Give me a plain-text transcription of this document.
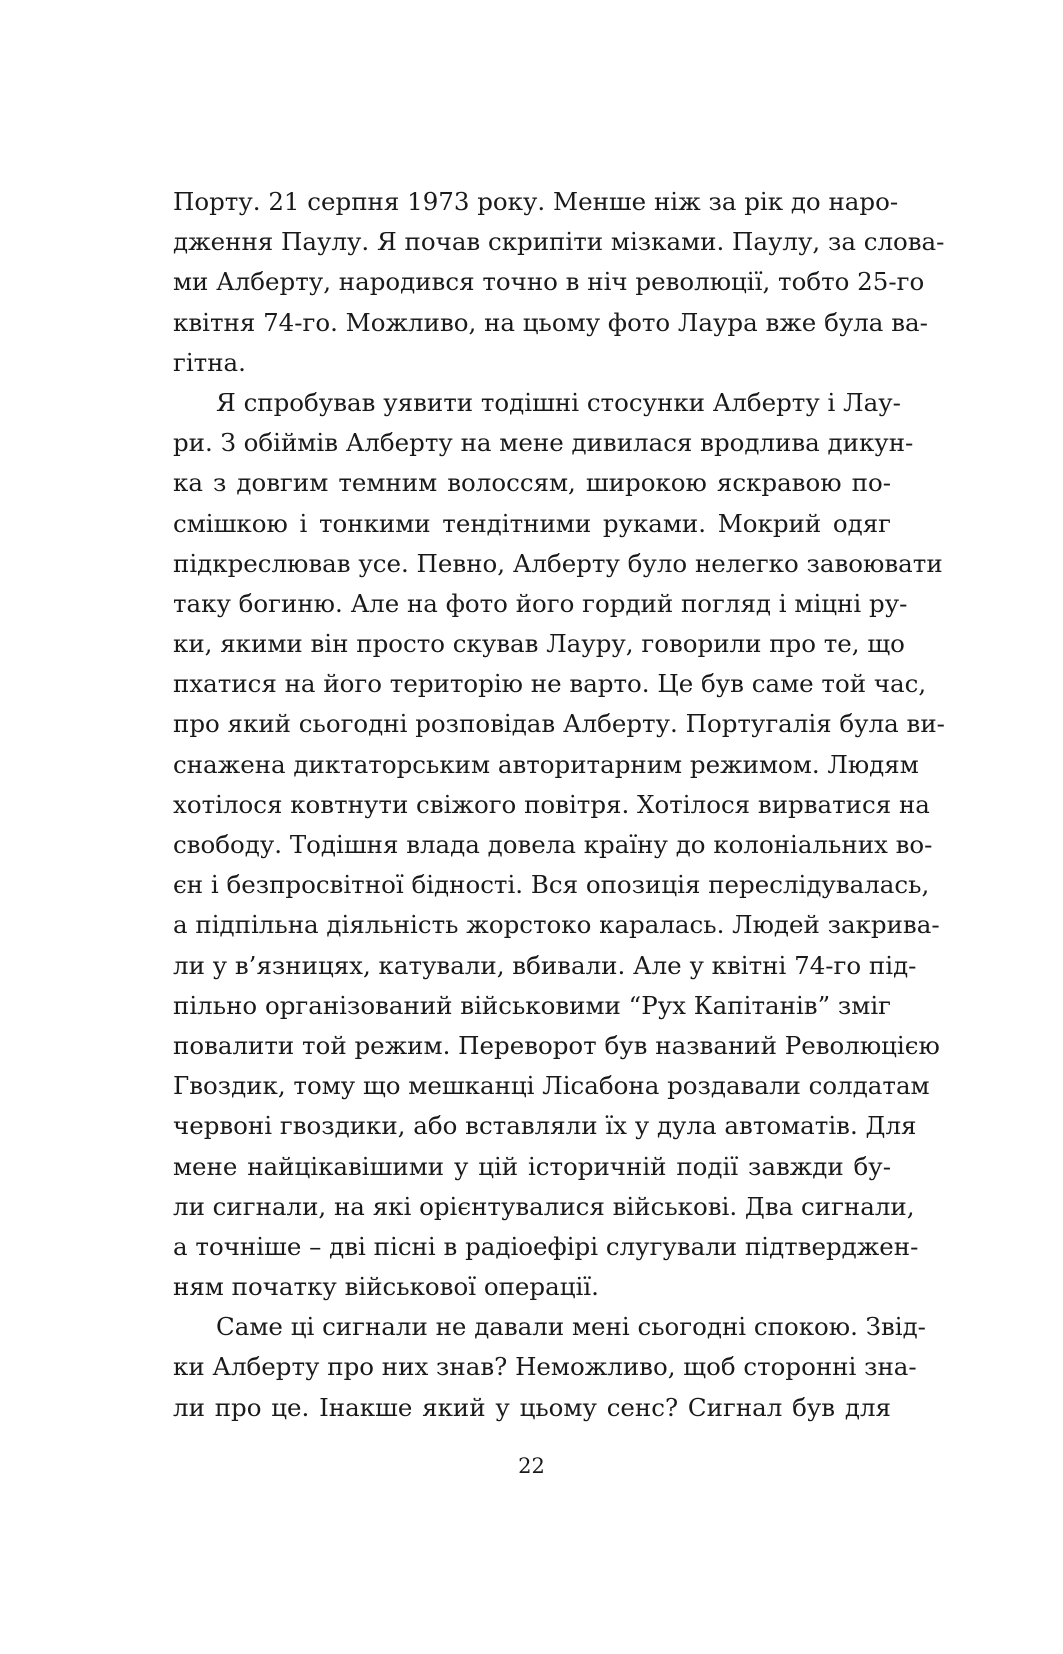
Порту. 21 серпня 1973 року. Менше ніж за рік до наро-
дження Паулу. Я почав скрипіти мізками. Паулу, за слова-
ми Алберту, народився точно в ніч революції, тобто 25-го
квітня 74-го. Можливо, на цьому фото Лаура вже була ва-
гітна.
Я спробував уявити тодішні стосунки Алберту і Лау-
ри. З обіймів Алберту на мене дивилася вродлива дикун-
ка з довгим темним волоссям, широкою яскравою по-
смішкою і тонкими тендітними руками. Мокрий одяг
підкреслював усе. Певно, Алберту було нелегко завоювати
таку богиню. Але на фото його гордий погляд і міцні ру-
ки, якими він просто скував Лауру, говорили про те, що
пхатися на його територію не варто. Це був саме той час,
про який сьогодні розповідав Алберту. Португалія була ви-
снажена диктаторським авторитарним режимом. Людям
хотілося ковтнути свіжого повітря. Хотілося вирватися на
свободу. Тодішня влада довела країну до колоніальних во-
єн і безпросвітної бідності. Вся опозиція переслідувалась,
а підпільна діяльність жорстоко каралась. Людей закрива-
ли у в’язницях, катували, вбивали. Але у квітні 74-го під-
пільно організований військовими “Рух Капітанів” зміг
повалити той режим. Переворот був названий Революцією
Гвоздик, тому що мешканці Лісабона роздавали солдатам
червоні гвоздики, або вставляли їх у дула автоматів. Для
мене найцікавішими у цій історичній події завжди бу-
ли сигнали, на які орієнтувалися військові. Два сигнали,
а точніше – дві пісні в радіоефірі слугували підтверджен-
ням початку військової операції.
Саме ці сигнали не давали мені сьогодні спокою. Звід-
ки Алберту про них знав? Неможливо, щоб сторонні зна-
ли про це. Інакше який у цьому сенс? Сигнал був для
22
